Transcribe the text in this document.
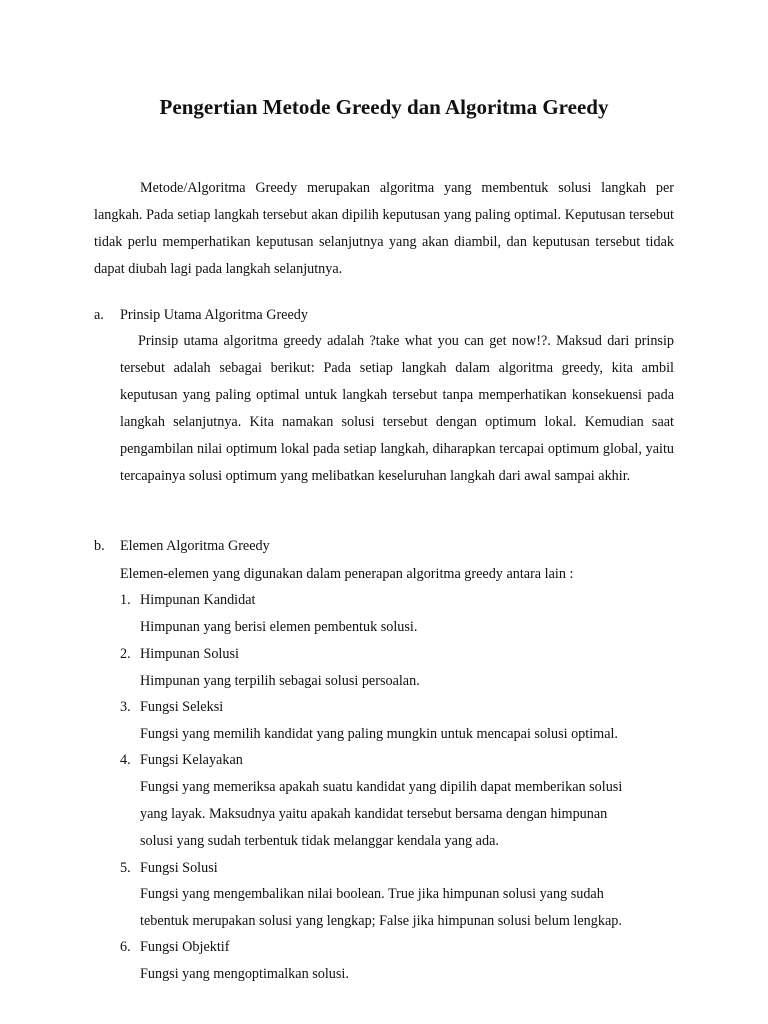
Pengertian Metode Greedy dan Algoritma Greedy

Metode/Algoritma Greedy merupakan algoritma yang membentuk solusi langkah per langkah. Pada setiap langkah tersebut akan dipilih keputusan yang paling optimal. Keputusan tersebut tidak perlu memperhatikan keputusan selanjutnya yang akan diambil, dan keputusan tersebut tidak dapat diubah lagi pada langkah selanjutnya.

a. Prinsip Utama Algoritma Greedy

Prinsip utama algoritma greedy adalah ?take what you can get now!?. Maksud dari prinsip tersebut adalah sebagai berikut: Pada setiap langkah dalam algoritma greedy, kita ambil keputusan yang paling optimal untuk langkah tersebut tanpa memperhatikan konsekuensi pada langkah selanjutnya. Kita namakan solusi tersebut dengan optimum lokal. Kemudian saat pengambilan nilai optimum lokal pada setiap langkah, diharapkan tercapai optimum global, yaitu tercapainya solusi optimum yang melibatkan keseluruhan langkah dari awal sampai akhir.

b. Elemen Algoritma Greedy

Elemen-elemen yang digunakan dalam penerapan algoritma greedy antara lain :

1. Himpunan Kandidat

Himpunan yang berisi elemen pembentuk solusi.

2. Himpunan Solusi

Himpunan yang terpilih sebagai solusi persoalan.

3. Fungsi Seleksi

Fungsi yang memilih kandidat yang paling mungkin untuk mencapai solusi optimal.

4. Fungsi Kelayakan

Fungsi yang memeriksa apakah suatu kandidat yang dipilih dapat memberikan solusi

yang layak. Maksudnya yaitu apakah kandidat tersebut bersama dengan himpunan

solusi yang sudah terbentuk tidak melanggar kendala yang ada.

5. Fungsi Solusi

Fungsi yang mengembalikan nilai boolean. True jika himpunan solusi yang sudah

tebentuk merupakan solusi yang lengkap; False jika himpunan solusi belum lengkap.

6. Fungsi Objektif

Fungsi yang mengoptimalkan solusi.
